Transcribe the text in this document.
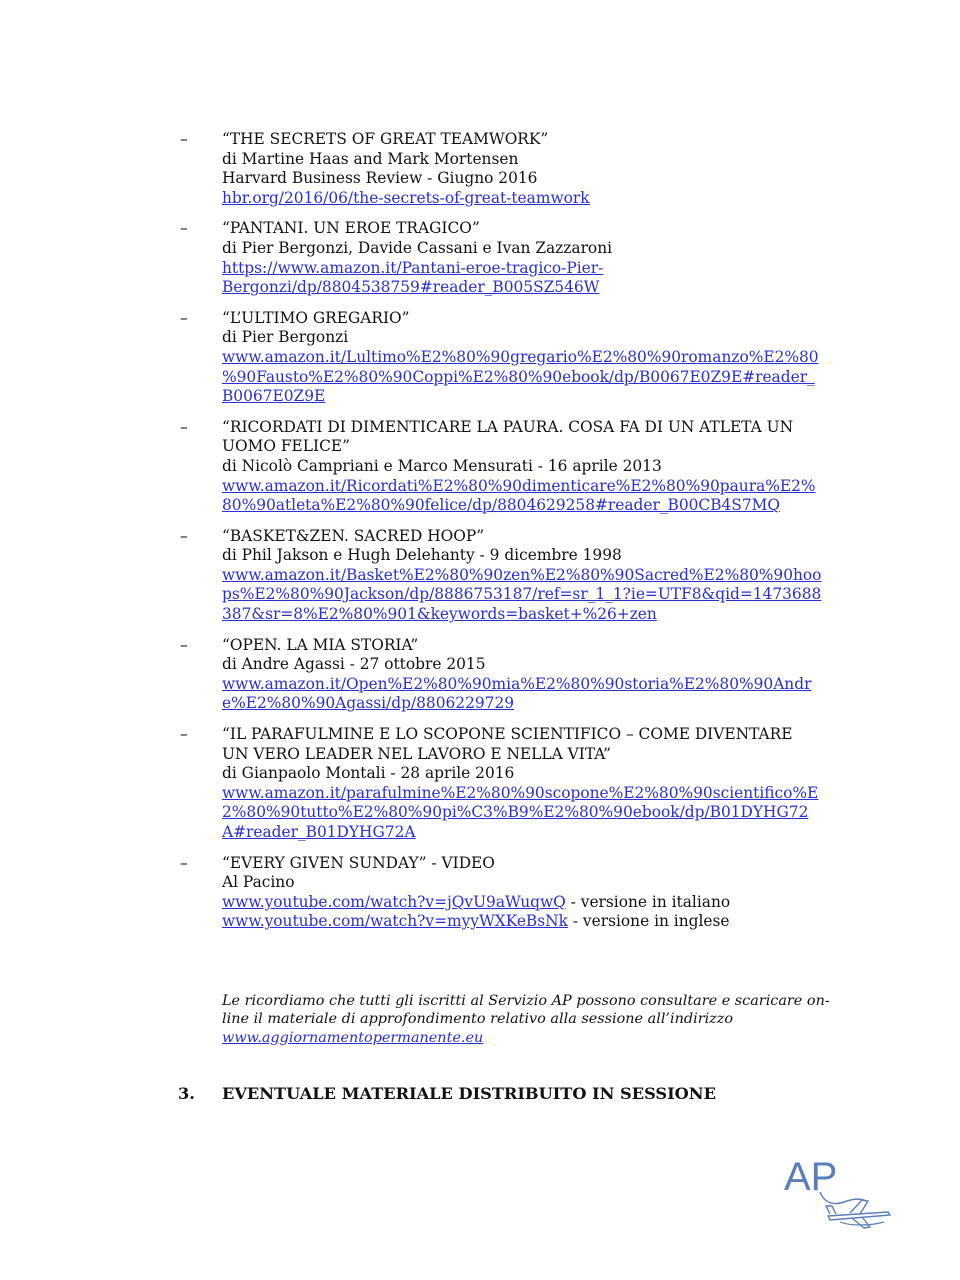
– “THE SECRETS OF GREAT TEAMWORK”
di Martine Haas and Mark Mortensen
Harvard Business Review - Giugno 2016
hbr.org/2016/06/the-secrets-of-great-teamwork
– “PANTANI. UN EROE TRAGICO”
di Pier Bergonzi, Davide Cassani e Ivan Zazzaroni
https://www.amazon.it/Pantani-eroe-tragico-Pier-
Bergonzi/dp/8804538759#reader_B005SZ546W
– “L’ULTIMO GREGARIO”
di Pier Bergonzi
www.amazon.it/Lultimo%E2%80%90gregario%E2%80%90romanzo%E2%80
%90Fausto%E2%80%90Coppi%E2%80%90ebook/dp/B0067E0Z9E#reader_
B0067E0Z9E
– “RICORDATI DI DIMENTICARE LA PAURA. COSA FA DI UN ATLETA UN
UOMO FELICE”
di Nicolò Campriani e Marco Mensurati - 16 aprile 2013
www.amazon.it/Ricordati%E2%80%90dimenticare%E2%80%90paura%E2%
80%90atleta%E2%80%90felice/dp/8804629258#reader_B00CB4S7MQ
– “BASKET&ZEN. SACRED HOOP”
di Phil Jakson e Hugh Delehanty - 9 dicembre 1998
www.amazon.it/Basket%E2%80%90zen%E2%80%90Sacred%E2%80%90hoo
ps%E2%80%90Jackson/dp/8886753187/ref=sr_1_1?ie=UTF8&qid=1473688
387&sr=8%E2%80%901&keywords=basket+%26+zen
– “OPEN. LA MIA STORIA”
di Andre Agassi - 27 ottobre 2015
www.amazon.it/Open%E2%80%90mia%E2%80%90storia%E2%80%90Andr
e%E2%80%90Agassi/dp/8806229729
– “IL PARAFULMINE E LO SCOPONE SCIENTIFICO – COME DIVENTARE
UN VERO LEADER NEL LAVORO E NELLA VITA”
di Gianpaolo Montali - 28 aprile 2016
www.amazon.it/parafulmine%E2%80%90scopone%E2%80%90scientifico%E
2%80%90tutto%E2%80%90pi%C3%B9%E2%80%90ebook/dp/B01DYHG72
A#reader_B01DYHG72A
– “EVERY GIVEN SUNDAY” - VIDEO
Al Pacino
www.youtube.com/watch?v=jQvU9aWuqwQ - versione in italiano
www.youtube.com/watch?v=myyWXKeBsNk - versione in inglese
Le ricordiamo che tutti gli iscritti al Servizio AP possono consultare e scaricare on-
line il materiale di approfondimento relativo alla sessione all’indirizzo
www.aggiornamentopermanente.eu
3. EVENTUALE MATERIALE DISTRIBUITO IN SESSIONE
AP
